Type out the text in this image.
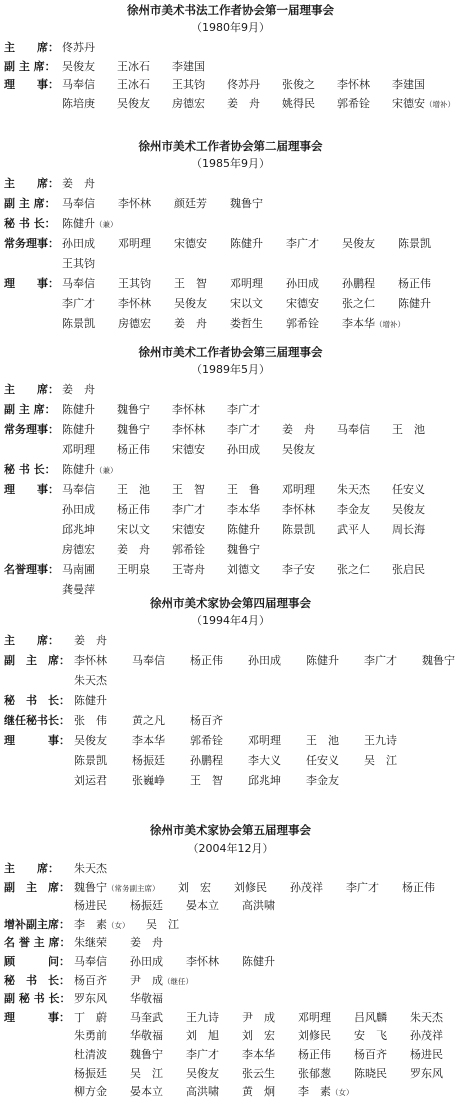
徐州市美术书法工作者协会第一届理事会
（1980年9月）
主　　席： 佟苏丹
副 主 席： 吴俊友 王冰石 李建国
理　　事： 马奉信 王冰石 王其钧 佟苏丹 张俊之 李怀林 李建国
陈培庚 吴俊友 房德宏 姜　舟 姚得民 郭希铨 宋德安（增补）
徐州市美术工作者协会第二届理事会
（1985年9月）
主　　席： 姜　舟
副 主 席： 马奉信 李怀林 颜廷芳 魏鲁宁
秘 书 长： 陈健升（兼）
常务理事： 孙田成 邓明理 宋德安 陈健升 李广才 吴俊友 陈景凯
王其钧
理　　事： 马奉信 王其钧 王　智 邓明理 孙田成 孙鹏程 杨正伟
李广才 李怀林 吴俊友 宋以文 宋德安 张之仁 陈健升
陈景凯 房德宏 姜　舟 娄哲生 郭希铨 李本华（增补）
徐州市美术工作者协会第三届理事会
（1989年5月）
主　　席： 姜　舟
副 主 席： 陈健升 魏鲁宁 李怀林 李广才
常务理事： 陈健升 魏鲁宁 李怀林 李广才 姜　舟 马奉信 王　池
邓明理 杨正伟 宋德安 孙田成 吴俊友
秘 书 长： 陈健升（兼）
理　　事： 马奉信 王　池 王　智 王　鲁 邓明理 朱天杰 任安义
孙田成 杨正伟 李广才 李本华 李怀林 李金友 吴俊友
邱兆坤 宋以文 宋德安 陈健升 陈景凯 武平人 周长海
房德宏 姜　舟 郭希铨 魏鲁宁
名誉理事： 马南圃 王明泉 王寄舟 刘德文 李子安 张之仁 张启民
龚曼萍
徐州市美术家协会第四届理事会
（1994年4月）
主　　席： 姜　舟
副　主　席： 李怀林 马奉信 杨正伟 孙田成 陈健升 李广才 魏鲁宁
朱天杰
秘　书　长： 陈健升
继任秘书长： 张　伟 黄之凡 杨百齐
理　　　事： 吴俊友 李本华 郭希铨 邓明理 王　池 王九诗
陈景凯 杨振廷 孙鹏程 李大义 任安义 吴　江
刘运君 张巍峥 王　智 邱兆坤 李金友
徐州市美术家协会第五届理事会
（2004年12月）
主　　席： 朱天杰
副　主　席： 魏鲁宁（常务副主席） 刘　宏 刘修民 孙茂祥 李广才 杨正伟
杨进民 杨振廷 晏本立 高洪啸
增补副主席： 李　素（女） 吴　江
名 誉 主 席： 朱继荣 姜　舟
顾　　　问： 马奉信 孙田成 李怀林 陈健升
秘　书　长： 杨百齐 尹　成（继任）
副 秘 书 长： 罗东风 华敬福
理　　　事： 丁　蔚 马奎武 王九诗 尹　成 邓明理 吕风麟 朱天杰
朱勇前 华敬福 刘　旭 刘　宏 刘修民 安　飞 孙茂祥
杜清波 魏鲁宁 李广才 李本华 杨正伟 杨百齐 杨进民
杨振廷 吴　江 吴俊友 张云生 张郁葱 陈晓民 罗东风
柳方金 晏本立 高洪啸 黄　炯 李　素（女）
